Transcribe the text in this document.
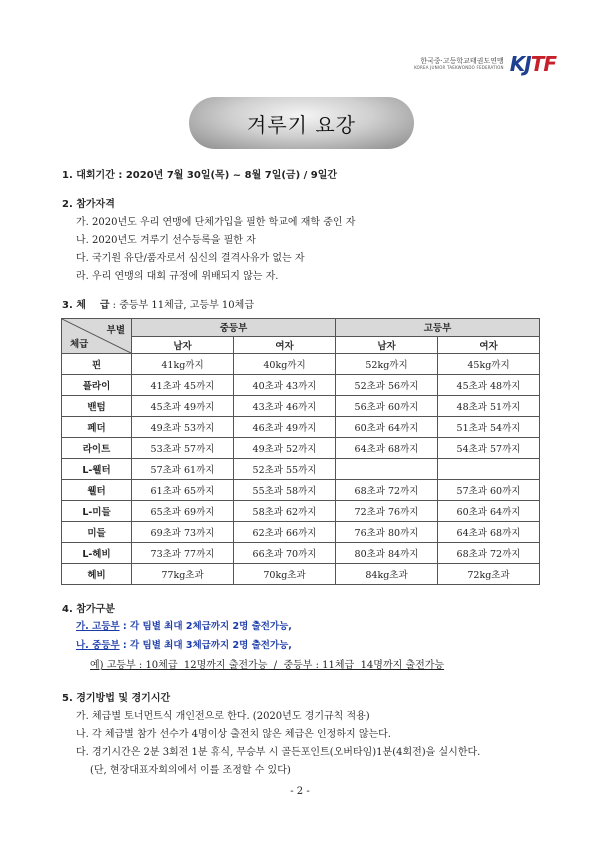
한국중·고등학교태권도연맹
KOREA JUNIOR TAEKWONDO FEDERATION KJTF
겨루기 요강
1. 대회기간 : 2020년 7월 30일(목) ~ 8월 7일(금) / 9일간
2. 참가자격
가. 2020년도 우리 연맹에 단체가입을 필한 학교에 재학 중인 자
나. 2020년도 겨루기 선수등록을 필한 자
다. 국기원 유단/품자로서 심신의 결격사유가 없는 자
라. 우리 연맹의 대회 규정에 위배되지 않는 자.
3. 체    급 : 중등부 11체급, 고등부 10체급
부별
체급	중등부		고등부	
	남자	여자	남자	여자
핀	41kg까지	40kg까지	52kg까지	45kg까지
플라이	41초과 45까지	40초과 43까지	52초과 56까지	45초과 48까지
밴텀	45초과 49까지	43초과 46까지	56초과 60까지	48초과 51까지
페더	49초과 53까지	46초과 49까지	60초과 64까지	51초과 54까지
라이트	53초과 57까지	49초과 52까지	64초과 68까지	54초과 57까지
L-웰터	57초과 61까지	52초과 55까지		
웰터	61초과 65까지	55초과 58까지	68초과 72까지	57초과 60까지
L-미들	65초과 69까지	58초과 62까지	72초과 76까지	60초과 64까지
미들	69초과 73까지	62초과 66까지	76초과 80까지	64초과 68까지
L-헤비	73초과 77까지	66초과 70까지	80초과 84까지	68초과 72까지
헤비	77kg초과	70kg초과	84kg초과	72kg초과
4. 참가구분
가. 고등부 : 각 팀별 최대 2체급까지 2명 출전가능,
나. 중등부 : 각 팀별 최대 3체급까지 2명 출전가능,
예) 고등부 : 10체급  12명까지 출전가능  /  중등부 : 11체급  14명까지 출전가능
5. 경기방법 및 경기시간
가. 체급별 토너먼트식 개인전으로 한다. (2020년도 경기규칙 적용)
나. 각 체급별 참가 선수가 4명이상 출전치 않은 체급은 인정하지 않는다.
다. 경기시간은 2분 3회전 1분 휴식, 무승부 시 골든포인트(오버타임)1분(4회전)을 실시한다.
(단, 현장대표자회의에서 이를 조정할 수 있다)
- 2 -
